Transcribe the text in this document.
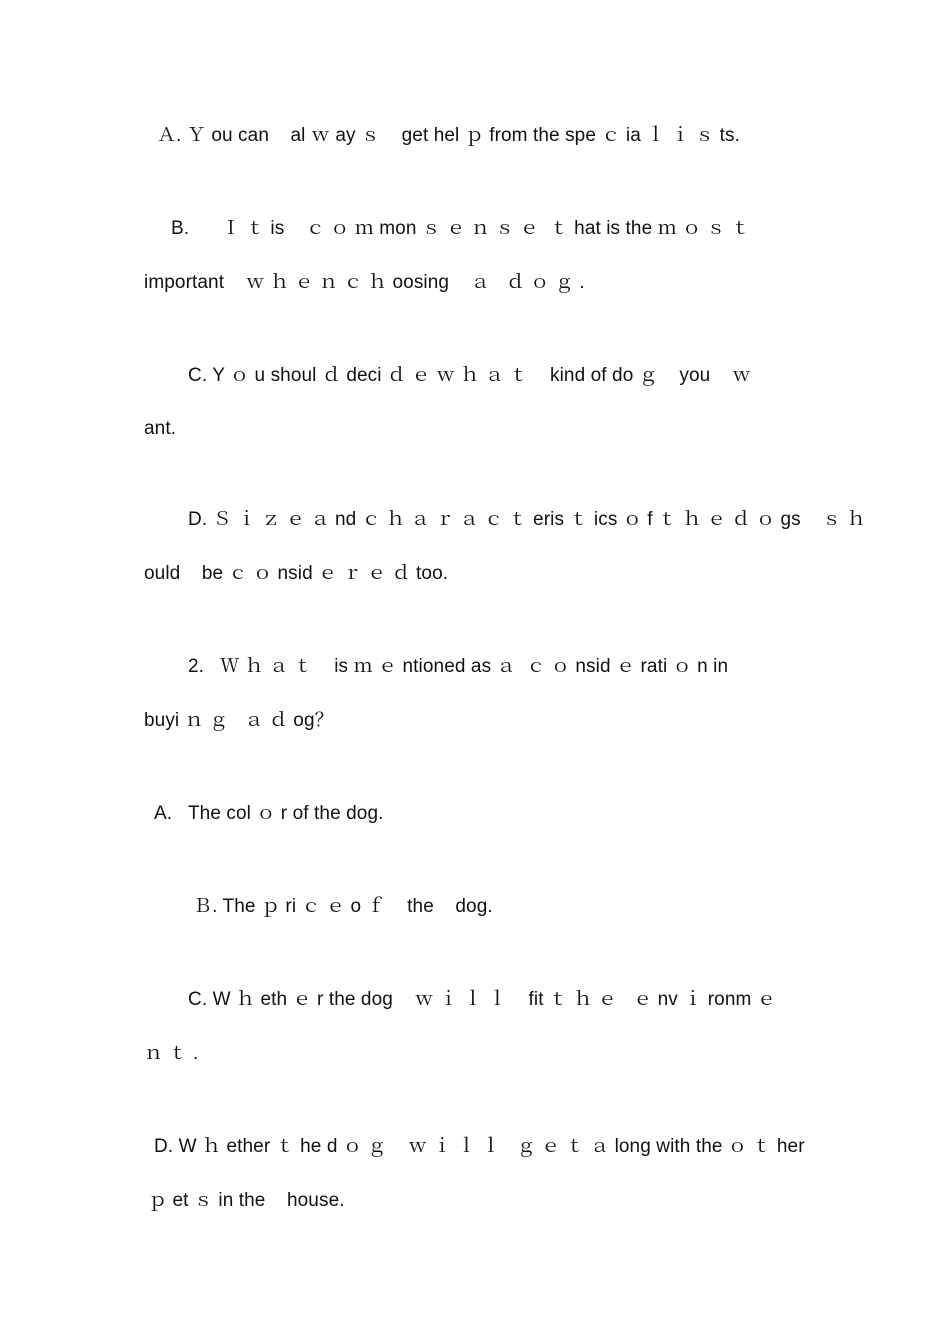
Ａ. Ｙ ou can    al ｗ ay ｓ    get hel ｐ from the spe ｃ ia ｌ ｉ ｓ ts.
B.      Ｉ ｔ is    ｃ ｏ ｍ mon ｓ ｅ ｎ ｓ ｅ  ｔ hat is the ｍ ｏ ｓ ｔ
important    ｗ ｈ ｅ ｎ ｃ ｈ oosing    ａ   ｄ ｏ ｇ .
C. Y ｏ u shoul ｄ deci ｄ ｅ ｗ ｈ ａ ｔ    kind of do ｇ    you    ｗ
ant.
D. Ｓ ｉ ｚ ｅ ａ nd ｃ ｈ ａ ｒ ａ ｃ ｔ eris ｔ ics ｏ f ｔ ｈ ｅ ｄ ｏ gs    ｓ ｈ
ould    be ｃ ｏ nsid ｅ ｒ ｅ ｄ too.
2.   Ｗ ｈ ａ ｔ    is ｍ ｅ ntioned as ａ  ｃ ｏ nsid ｅ rati ｏ n in
buyi ｎ ｇ   ａ ｄ og？
A.   The col ｏ r of the dog.
Ｂ. The ｐ ri ｃ ｅ o ｆ    the    dog.
C. W ｈ eth ｅ r the dog    ｗ ｉ ｌ ｌ    fit ｔ ｈ ｅ   ｅ nv ｉ ronm ｅ
ｎ ｔ .
D. W ｈ ether ｔ he d ｏ ｇ    ｗ ｉ ｌ ｌ   ｇ ｅ ｔ ａ long with the ｏ ｔ her
ｐ et ｓ in the    house.
